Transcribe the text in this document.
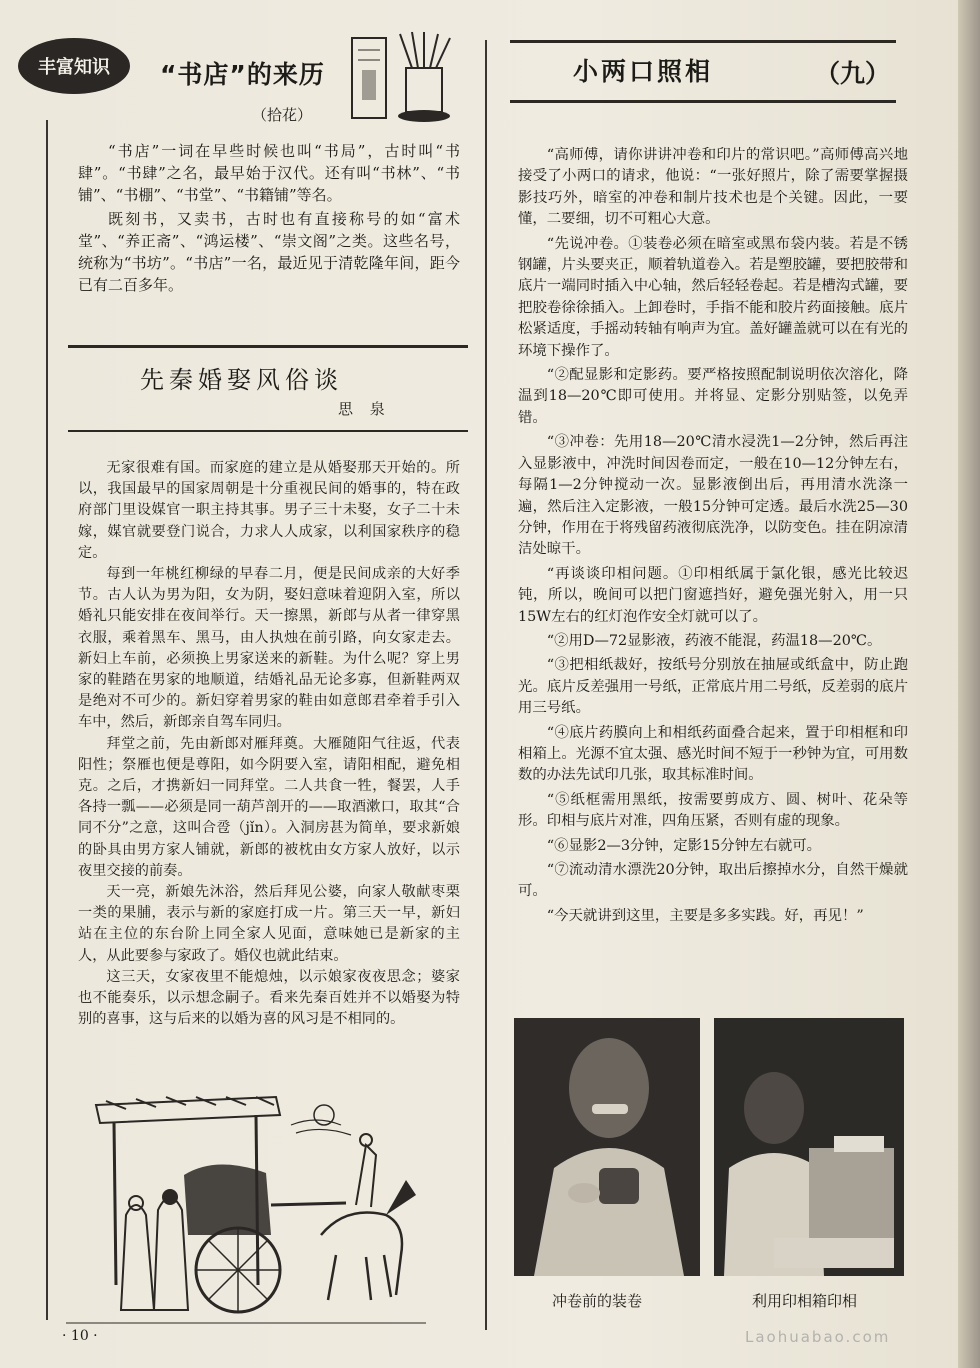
丰富知识	“书店”的来历
（拾花）

“书店”一词在早些时候也叫“书局”，古时叫“书肆”。“书肆”之名，最早始于汉代。还有叫“书林”、“书铺”、“书棚”、“书堂”、“书籍铺”等名。

既刻书，又卖书，古时也有直接称号的如“富术堂”、“养正斋”、“鸿运楼”、“崇文阁”之类。这些名号，统称为“书坊”。“书店”一名，最近见于清乾隆年间，距今已有二百多年。

先秦婚娶风俗谈
思 泉

无家很难有国。而家庭的建立是从婚娶那天开始的。所以，我国最早的国家周朝是十分重视民间的婚事的，特在政府部门里设媒官一职主持其事。男子三十未娶，女子二十未嫁，媒官就要登门说合，力求人人成家，以利国家秩序的稳定。

每到一年桃红柳绿的早春二月，便是民间成亲的大好季节。古人认为男为阳，女为阴，娶妇意味着迎阴入室，所以婚礼只能安排在夜间举行。天一擦黑，新郎与从者一律穿黑衣服，乘着黑车、黑马，由人执烛在前引路，向女家走去。新妇上车前，必须换上男家送来的新鞋。为什么呢？穿上男家的鞋踏在男家的地顺道，结婚礼品无论多寡，但新鞋两双是绝对不可少的。新妇穿着男家的鞋由如意郎君牵着手引入车中，然后，新郎亲自驾车同归。

拜堂之前，先由新郎对雁拜奠。大雁随阳气往返，代表阳性；祭雁也便是尊阳，如今阴要入室，请阳相配，避免相克。之后，才携新妇一同拜堂。二人共食一牲，餐罢，人手各持一瓢——必须是同一葫芦剖开的——取酒漱口，取其“合同不分”之意，这叫合卺（jǐn）。入洞房甚为简单，要求新娘的卧具由男方家人铺就，新郎的被枕由女方家人放好，以示夜里交接的前奏。

天一亮，新娘先沐浴，然后拜见公婆，向家人敬献枣栗一类的果脯，表示与新的家庭打成一片。第三天一早，新妇站在主位的东台阶上同全家人见面，意味她已是新家的主人，从此要参与家政了。婚仪也就此结束。

这三天，女家夜里不能熄烛，以示娘家夜夜思念；婆家也不能奏乐，以示想念嗣子。看来先秦百姓并不以婚娶为特别的喜事，这与后来的以婚为喜的风习是不相同的。

· 10 ·
小两口照相	（九）

“高师傅，请你讲讲冲卷和印片的常识吧。”高师傅高兴地接受了小两口的请求，他说：“一张好照片，除了需要掌握摄影技巧外，暗室的冲卷和制片技术也是个关键。因此，一要懂，二要细，切不可粗心大意。

“先说冲卷。①装卷必须在暗室或黑布袋内装。若是不锈钢罐，片头要夹正，顺着轨道卷入。若是塑胶罐，要把胶带和底片一端同时插入中心轴，然后轻轻卷起。若是槽沟式罐，要把胶卷徐徐插入。上卸卷时，手指不能和胶片药面接触。底片松紧适度，手摇动转轴有响声为宜。盖好罐盖就可以在有光的环境下操作了。

“②配显影和定影药。要严格按照配制说明依次溶化，降温到18—20℃即可使用。并将显、定影分别贴签，以免弄错。

“③冲卷：先用18—20℃清水浸洗1—2分钟，然后再注入显影液中，冲洗时间因卷而定，一般在10—12分钟左右，每隔1—2分钟搅动一次。显影液倒出后，再用清水洗涤一遍，然后注入定影液，一般15分钟可定透。最后水洗25—30分钟，作用在于将残留药液彻底洗净，以防变色。挂在阴凉清洁处晾干。

“再谈谈印相问题。①印相纸属于氯化银，感光比较迟钝，所以，晚间可以把门窗遮挡好，避免强光射入，用一只15W左右的红灯泡作安全灯就可以了。

“②用D—72显影液，药液不能混，药温18—20℃。

“③把相纸裁好，按纸号分别放在抽屉或纸盒中，防止跑光。底片反差强用一号纸，正常底片用二号纸，反差弱的底片用三号纸。

“④底片药膜向上和相纸药面叠合起来，置于印相框和印相箱上。光源不宜太强、感光时间不短于一秒钟为宜，可用数数的办法先试印几张，取其标准时间。

“⑤纸框需用黑纸，按需要剪成方、圆、树叶、花朵等形。印相与底片对准，四角压紧，否则有虚的现象。

“⑥显影2—3分钟，定影15分钟左右就可。

“⑦流动清水漂洗20分钟，取出后擦掉水分，自然干燥就可。

“今天就讲到这里，主要是多多实践。好，再见！”

冲卷前的装卷	利用印相箱印相
Laohuabao.com
